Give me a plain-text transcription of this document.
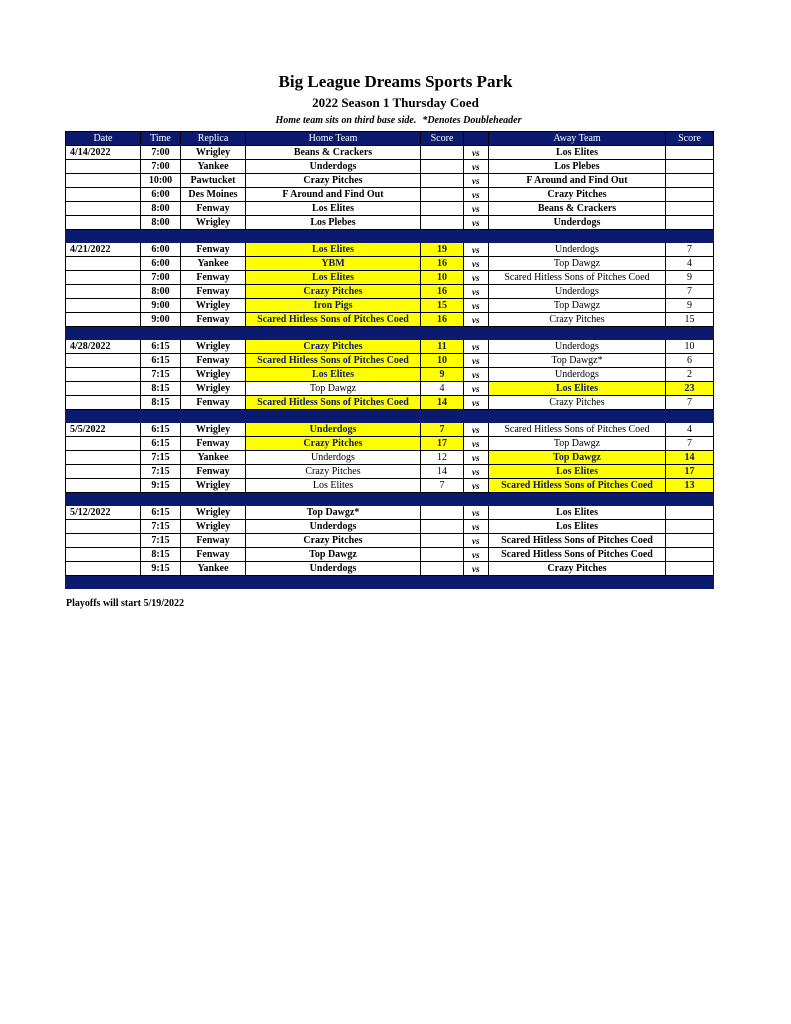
Big League Dreams Sports Park
2022 Season 1 Thursday Coed
Home team sits on third base side. *Denotes Doubleheader
Date	Time	Replica	Home Team	Score		Away Team	Score
4/14/2022	7:00	Wrigley	Beans & Crackers		vs	Los Elites	
	7:00	Yankee	Underdogs		vs	Los Plebes	
	10:00	Pawtucket	Crazy Pitches		vs	F Around and Find Out	
	6:00	Des Moines	F Around and Find Out		vs	Crazy Pitches	
	8:00	Fenway	Los Elites		vs	Beans & Crackers	
	8:00	Wrigley	Los Plebes		vs	Underdogs	

4/21/2022	6:00	Fenway	Los Elites	19	vs	Underdogs	7
	6:00	Yankee	YBM	16	vs	Top Dawgz	4
	7:00	Fenway	Los Elites	10	vs	Scared Hitless Sons of Pitches Coed	9
	8:00	Fenway	Crazy Pitches	16	vs	Underdogs	7
	9:00	Wrigley	Iron Pigs	15	vs	Top Dawgz	9
	9:00	Fenway	Scared Hitless Sons of Pitches Coed	16	vs	Crazy Pitches	15

4/28/2022	6:15	Wrigley	Crazy Pitches	11	vs	Underdogs	10
	6:15	Fenway	Scared Hitless Sons of Pitches Coed	10	vs	Top Dawgz*	6
	7:15	Wrigley	Los Elites	9	vs	Underdogs	2
	8:15	Wrigley	Top Dawgz	4	vs	Los Elites	23
	8:15	Fenway	Scared Hitless Sons of Pitches Coed	14	vs	Crazy Pitches	7

5/5/2022	6:15	Wrigley	Underdogs	7	vs	Scared Hitless Sons of Pitches Coed	4
	6:15	Fenway	Crazy Pitches	17	vs	Top Dawgz	7
	7:15	Yankee	Underdogs	12	vs	Top Dawgz	14
	7:15	Fenway	Crazy Pitches	14	vs	Los Elites	17
	9:15	Wrigley	Los Elites	7	vs	Scared Hitless Sons of Pitches Coed	13

5/12/2022	6:15	Wrigley	Top Dawgz*		vs	Los Elites	
	7:15	Wrigley	Underdogs		vs	Los Elites	
	7:15	Fenway	Crazy Pitches		vs	Scared Hitless Sons of Pitches Coed	
	8:15	Fenway	Top Dawgz		vs	Scared Hitless Sons of Pitches Coed	
	9:15	Yankee	Underdogs		vs	Crazy Pitches	

Playoffs will start 5/19/2022
